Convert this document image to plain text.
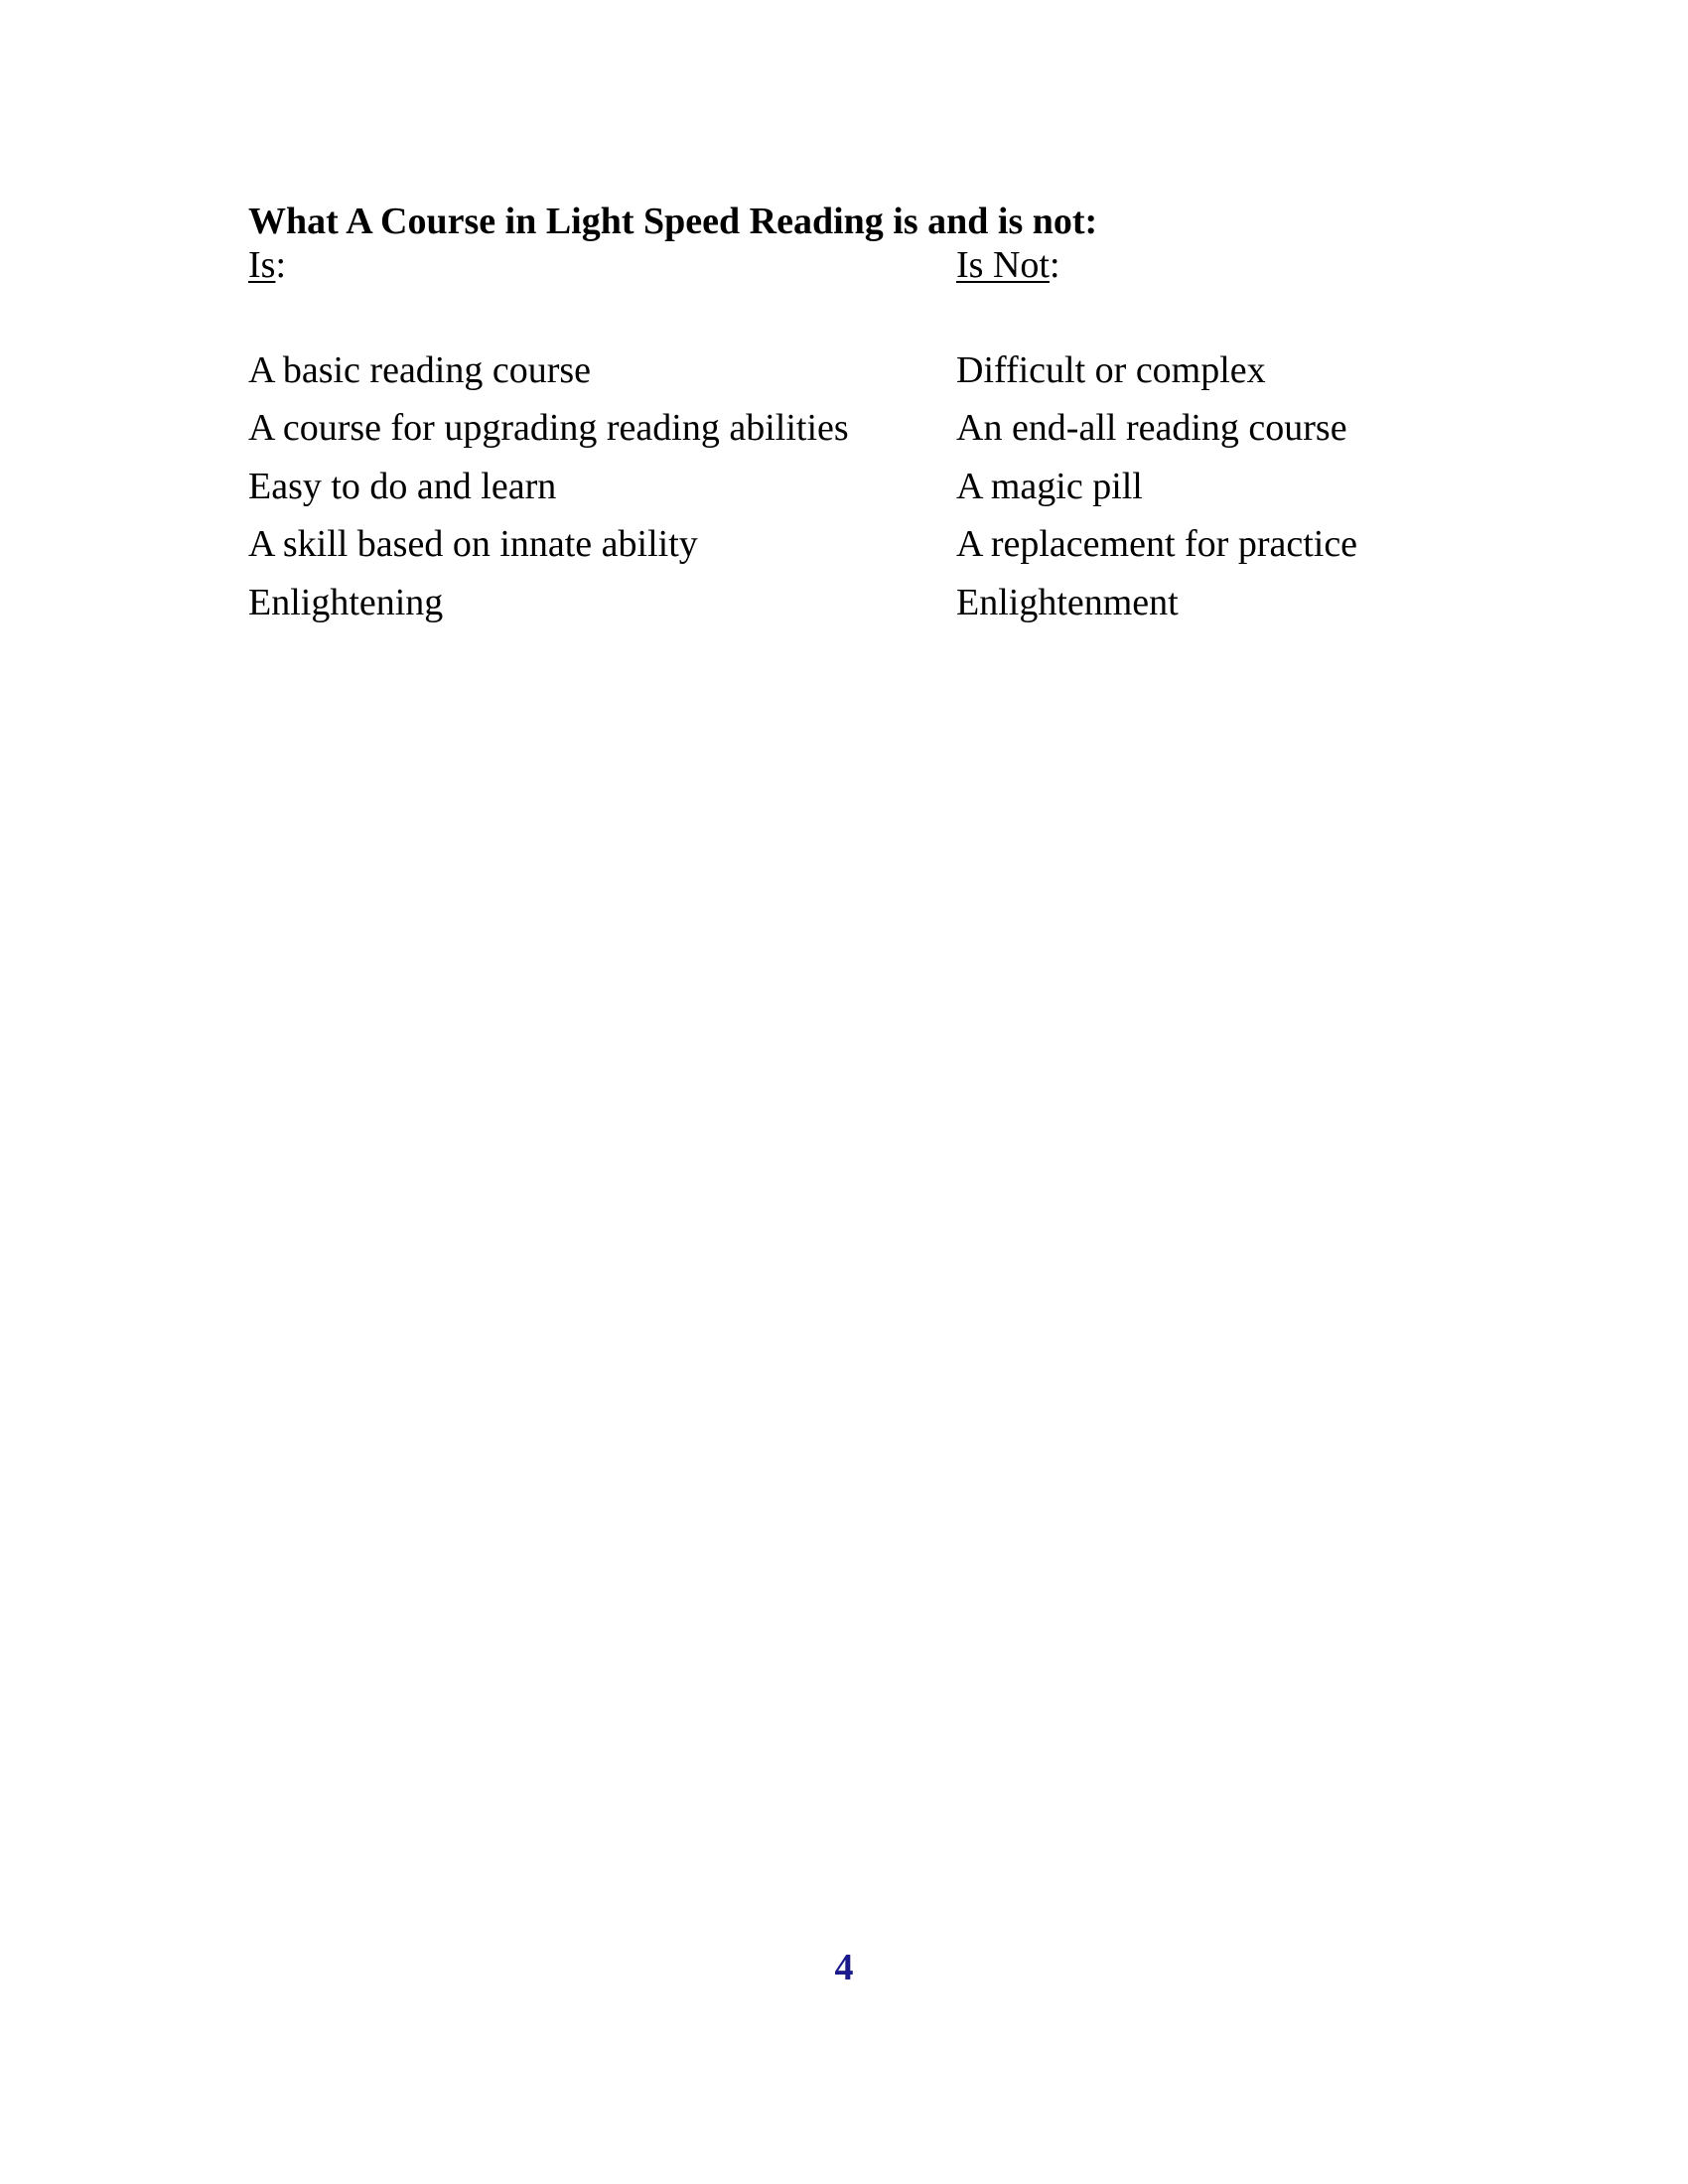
What A Course in Light Speed Reading is and is not:
Is:
A basic reading course
A course for upgrading reading abilities
Easy to do and learn
A skill based on innate ability
Enlightening
Is Not:
Difficult or complex
An end-all reading course
A magic pill
A replacement for practice
Enlightenment
4
